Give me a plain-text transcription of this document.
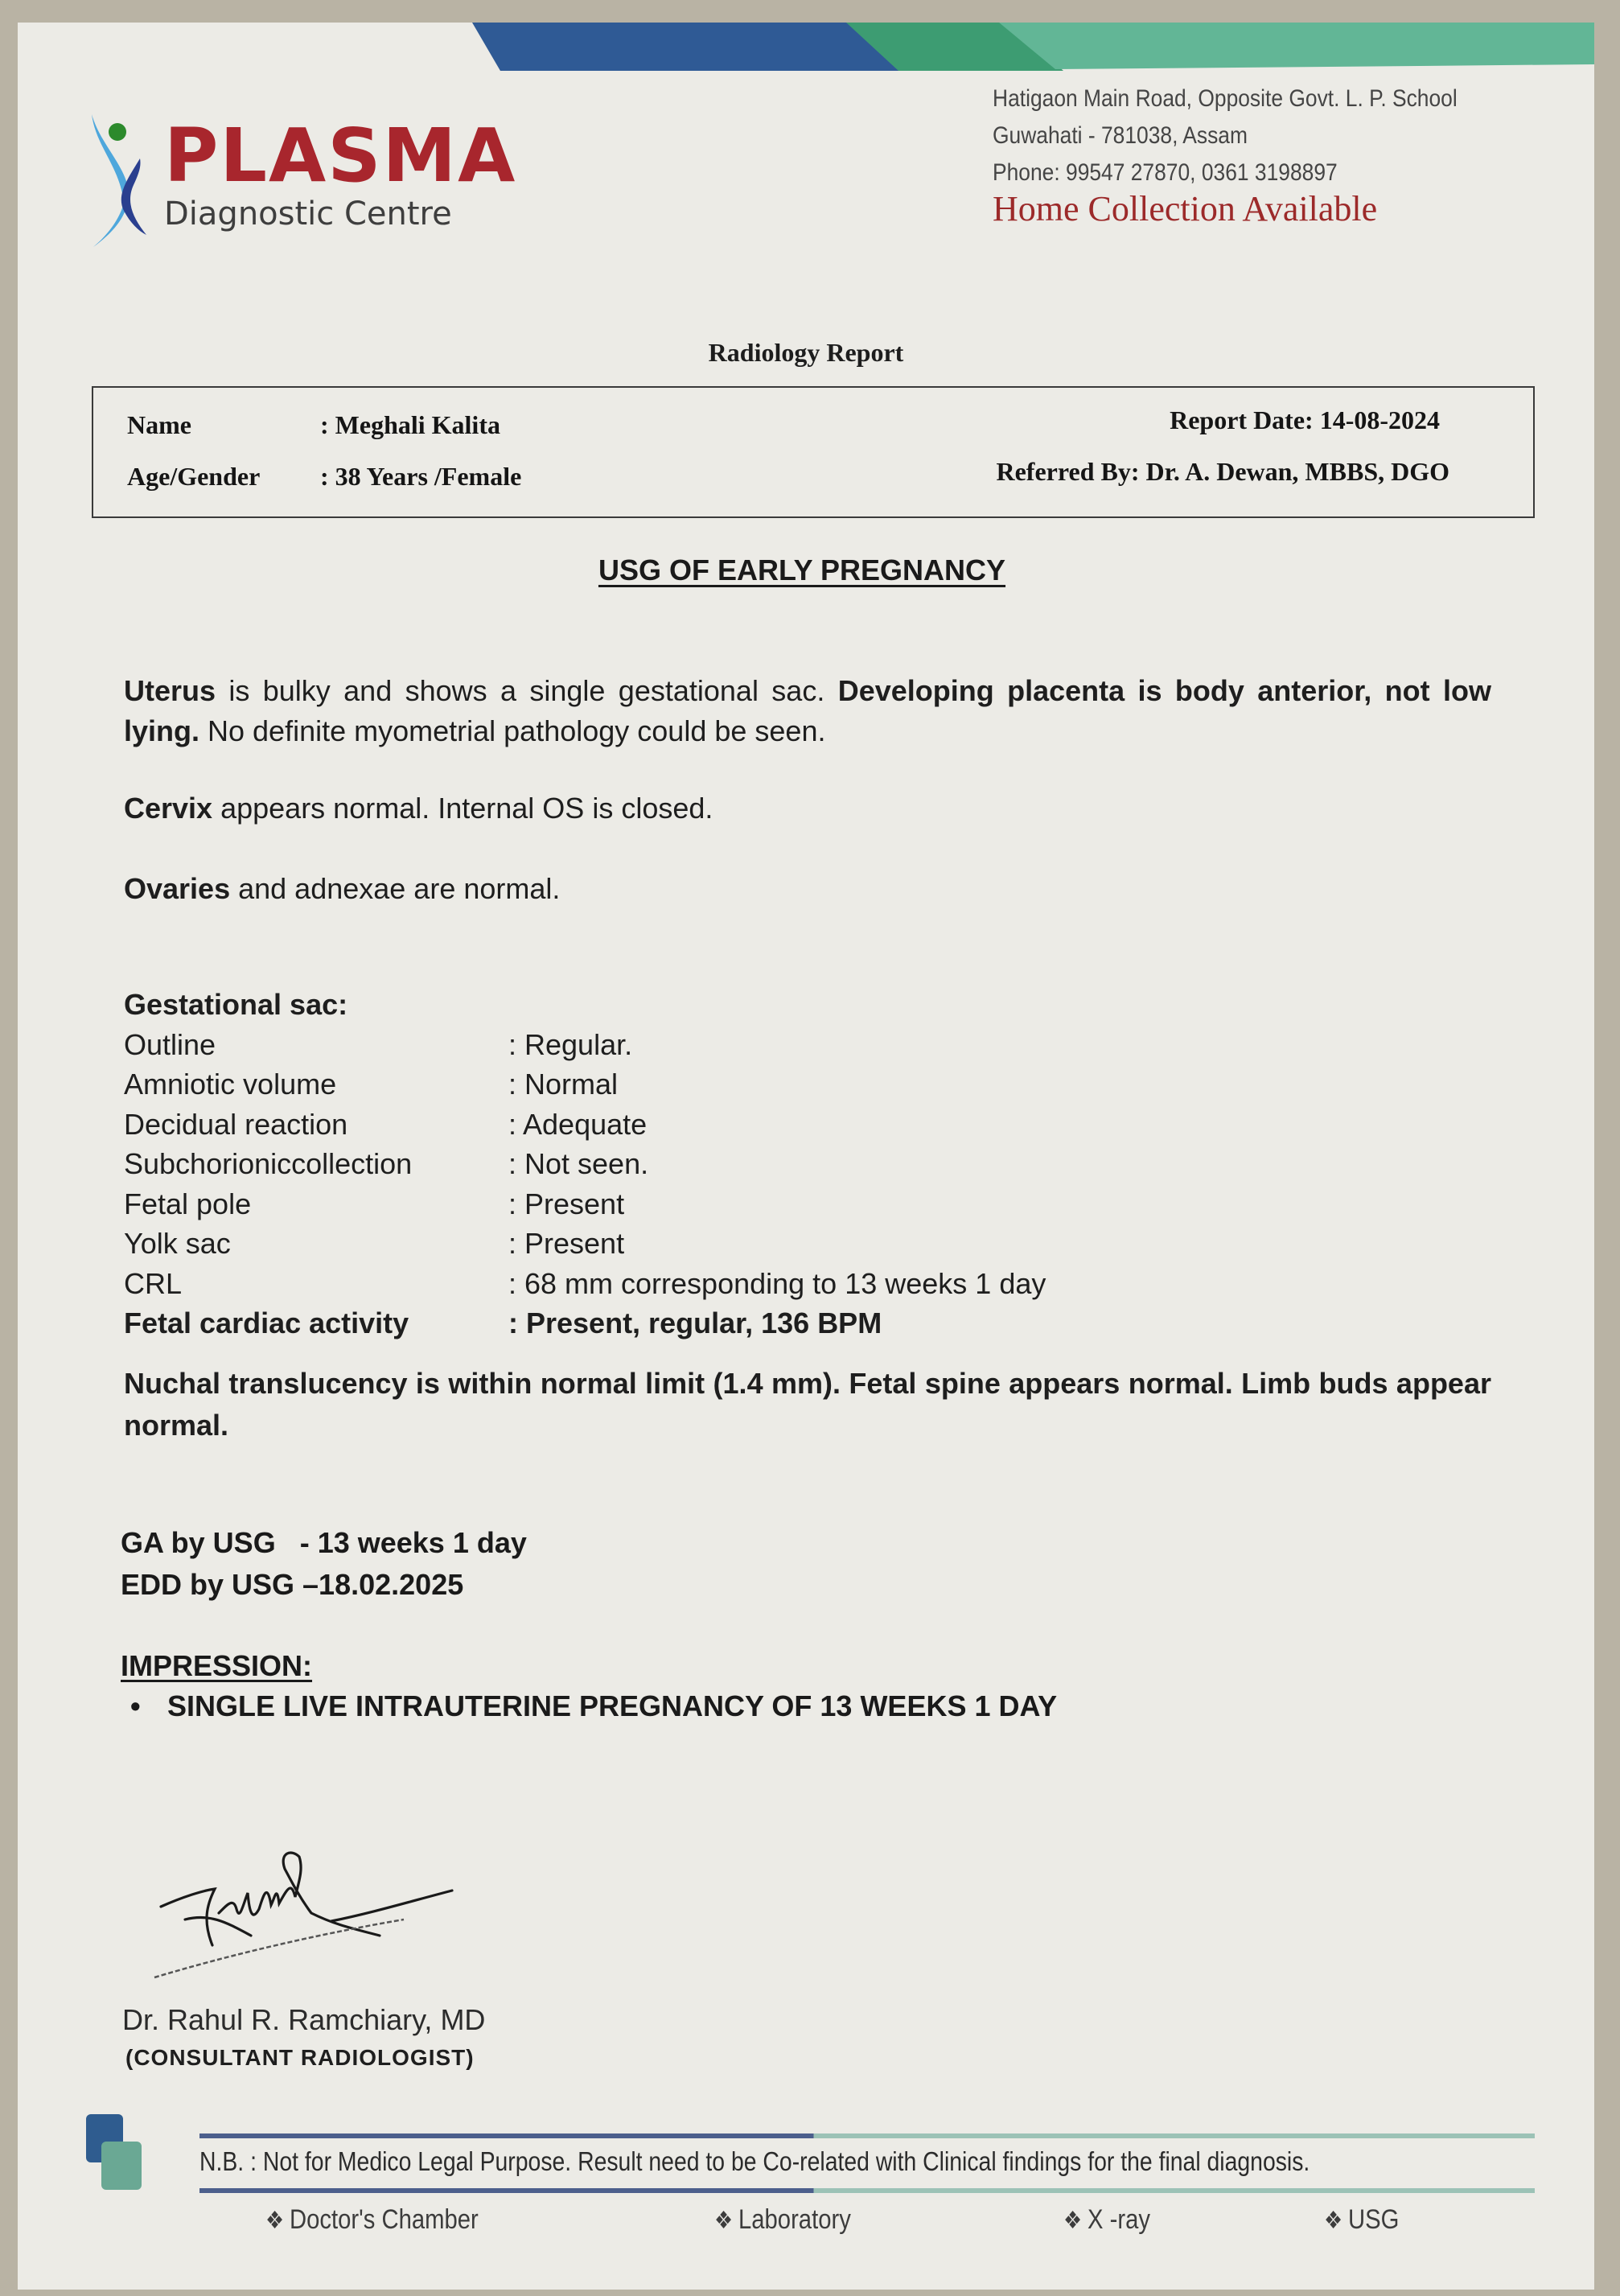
PLASMA
Diagnostic Centre
Hatigaon Main Road, Opposite Govt. L. P. School
Guwahati - 781038, Assam
Phone: 99547 27870, 0361 3198897
Home Collection Available
Radiology Report
Name	: Meghali Kalita
Age/Gender : 38 Years /Female
Report Date: 14-08-2024
Referred By: Dr. A. Dewan, MBBS, DGO
USG OF EARLY PREGNANCY
Uterus is bulky and shows a single gestational sac. Developing placenta is body anterior, not low lying. No definite myometrial pathology could be seen.
Cervix appears normal. Internal OS is closed.
Ovaries and adnexae are normal.
Gestational sac:
Outline	: Regular.
Amniotic volume	: Normal
Decidual reaction	: Adequate
Subchorioniccollection	: Not seen.
Fetal pole	: Present
Yolk sac	: Present
CRL	: 68 mm corresponding to 13 weeks 1 day
Fetal cardiac activity	: Present, regular, 136 BPM
Nuchal translucency is within normal limit (1.4 mm). Fetal spine appears normal. Limb buds appear normal.
GA by USG   - 13 weeks 1 day
EDD by USG –18.02.2025
IMPRESSION:
• SINGLE LIVE INTRAUTERINE PREGNANCY OF 13 WEEKS 1 DAY
Dr. Rahul R. Ramchiary, MD
(CONSULTANT RADIOLOGIST)
N.B. : Not for Medico Legal Purpose. Result need to be Co-related with Clinical findings for the final diagnosis.
❖ Doctor's Chamber	❖ Laboratory	❖ X -ray	❖ USG
